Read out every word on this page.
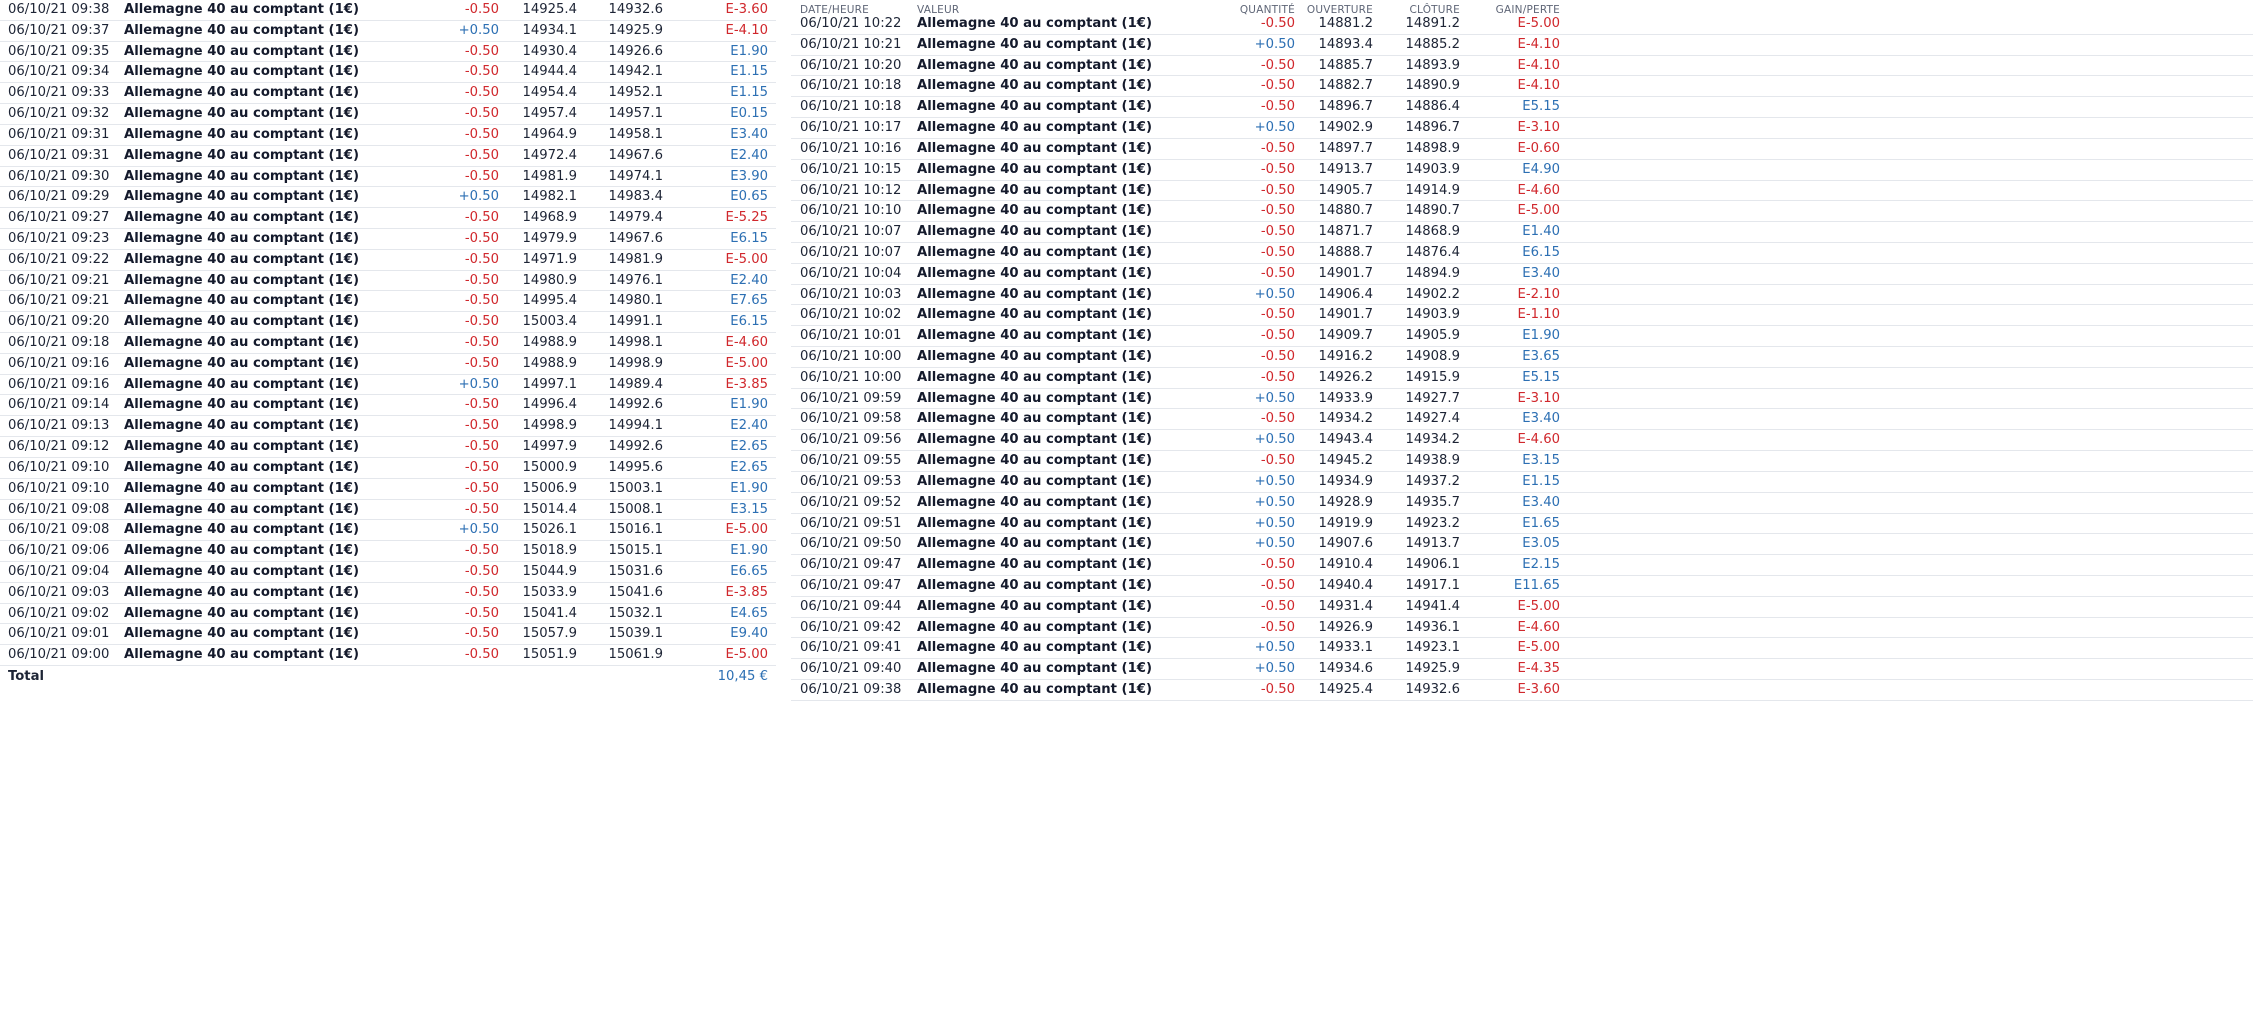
06/10/21 09:38 Allemagne 40 au comptant (1€)	-0.50 14925.4 14932.6	E-3.60
06/10/21 09:37 Allemagne 40 au comptant (1€)	+0.50 14934.1 14925.9	E-4.10
06/10/21 09:35 Allemagne 40 au comptant (1€)	-0.50 14930.4 14926.6	E1.90
06/10/21 09:34 Allemagne 40 au comptant (1€)	-0.50 14944.4 14942.1	E1.15
06/10/21 09:33 Allemagne 40 au comptant (1€)	-0.50 14954.4 14952.1	E1.15
06/10/21 09:32 Allemagne 40 au comptant (1€)	-0.50 14957.4 14957.1	E0.15
06/10/21 09:31 Allemagne 40 au comptant (1€)	-0.50 14964.9 14958.1	E3.40
06/10/21 09:31 Allemagne 40 au comptant (1€)	-0.50 14972.4 14967.6	E2.40
06/10/21 09:30 Allemagne 40 au comptant (1€)	-0.50 14981.9 14974.1	E3.90
06/10/21 09:29 Allemagne 40 au comptant (1€)	+0.50 14982.1 14983.4	E0.65
06/10/21 09:27 Allemagne 40 au comptant (1€)	-0.50 14968.9 14979.4	E-5.25
06/10/21 09:23 Allemagne 40 au comptant (1€)	-0.50 14979.9 14967.6	E6.15
06/10/21 09:22 Allemagne 40 au comptant (1€)	-0.50 14971.9 14981.9	E-5.00
06/10/21 09:21 Allemagne 40 au comptant (1€)	-0.50 14980.9 14976.1	E2.40
06/10/21 09:21 Allemagne 40 au comptant (1€)	-0.50 14995.4 14980.1	E7.65
06/10/21 09:20 Allemagne 40 au comptant (1€)	-0.50 15003.4 14991.1	E6.15
06/10/21 09:18 Allemagne 40 au comptant (1€)	-0.50 14988.9 14998.1	E-4.60
06/10/21 09:16 Allemagne 40 au comptant (1€)	-0.50 14988.9 14998.9	E-5.00
06/10/21 09:16 Allemagne 40 au comptant (1€)	+0.50 14997.1 14989.4	E-3.85
06/10/21 09:14 Allemagne 40 au comptant (1€)	-0.50 14996.4 14992.6	E1.90
06/10/21 09:13 Allemagne 40 au comptant (1€)	-0.50 14998.9 14994.1	E2.40
06/10/21 09:12 Allemagne 40 au comptant (1€)	-0.50 14997.9 14992.6	E2.65
06/10/21 09:10 Allemagne 40 au comptant (1€)	-0.50 15000.9 14995.6	E2.65
06/10/21 09:10 Allemagne 40 au comptant (1€)	-0.50 15006.9 15003.1	E1.90
06/10/21 09:08 Allemagne 40 au comptant (1€)	-0.50 15014.4 15008.1	E3.15
06/10/21 09:08 Allemagne 40 au comptant (1€)	+0.50 15026.1 15016.1	E-5.00
06/10/21 09:06 Allemagne 40 au comptant (1€)	-0.50 15018.9 15015.1	E1.90
06/10/21 09:04 Allemagne 40 au comptant (1€)	-0.50 15044.9 15031.6	E6.65
06/10/21 09:03 Allemagne 40 au comptant (1€)	-0.50 15033.9 15041.6	E-3.85
06/10/21 09:02 Allemagne 40 au comptant (1€)	-0.50 15041.4 15032.1	E4.65
06/10/21 09:01 Allemagne 40 au comptant (1€)	-0.50 15057.9 15039.1	E9.40
06/10/21 09:00 Allemagne 40 au comptant (1€)	-0.50 15051.9 15061.9	E-5.00
Total	10,45 €
DATE/HEURE	VALEUR	QUANTITÉ OUVERTURE	CLÔTURE	GAIN/PERTE
06/10/21 10:22 Allemagne 40 au comptant (1€)	-0.50 14881.2 14891.2	E-5.00
06/10/21 10:21 Allemagne 40 au comptant (1€)	+0.50 14893.4 14885.2	E-4.10
06/10/21 10:20 Allemagne 40 au comptant (1€)	-0.50 14885.7 14893.9	E-4.10
06/10/21 10:18 Allemagne 40 au comptant (1€)	-0.50 14882.7 14890.9	E-4.10
06/10/21 10:18 Allemagne 40 au comptant (1€)	-0.50 14896.7 14886.4	E5.15
06/10/21 10:17 Allemagne 40 au comptant (1€)	+0.50 14902.9 14896.7	E-3.10
06/10/21 10:16 Allemagne 40 au comptant (1€)	-0.50 14897.7 14898.9	E-0.60
06/10/21 10:15 Allemagne 40 au comptant (1€)	-0.50 14913.7 14903.9	E4.90
06/10/21 10:12 Allemagne 40 au comptant (1€)	-0.50 14905.7 14914.9	E-4.60
06/10/21 10:10 Allemagne 40 au comptant (1€)	-0.50 14880.7 14890.7	E-5.00
06/10/21 10:07 Allemagne 40 au comptant (1€)	-0.50 14871.7 14868.9	E1.40
06/10/21 10:07 Allemagne 40 au comptant (1€)	-0.50 14888.7 14876.4	E6.15
06/10/21 10:04 Allemagne 40 au comptant (1€)	-0.50 14901.7 14894.9	E3.40
06/10/21 10:03 Allemagne 40 au comptant (1€)	+0.50 14906.4 14902.2	E-2.10
06/10/21 10:02 Allemagne 40 au comptant (1€)	-0.50 14901.7 14903.9	E-1.10
06/10/21 10:01 Allemagne 40 au comptant (1€)	-0.50 14909.7 14905.9	E1.90
06/10/21 10:00 Allemagne 40 au comptant (1€)	-0.50 14916.2 14908.9	E3.65
06/10/21 10:00 Allemagne 40 au comptant (1€)	-0.50 14926.2 14915.9	E5.15
06/10/21 09:59 Allemagne 40 au comptant (1€)	+0.50 14933.9 14927.7	E-3.10
06/10/21 09:58 Allemagne 40 au comptant (1€)	-0.50 14934.2 14927.4	E3.40
06/10/21 09:56 Allemagne 40 au comptant (1€)	+0.50 14943.4 14934.2	E-4.60
06/10/21 09:55 Allemagne 40 au comptant (1€)	-0.50 14945.2 14938.9	E3.15
06/10/21 09:53 Allemagne 40 au comptant (1€)	+0.50 14934.9 14937.2	E1.15
06/10/21 09:52 Allemagne 40 au comptant (1€)	+0.50 14928.9 14935.7	E3.40
06/10/21 09:51 Allemagne 40 au comptant (1€)	+0.50 14919.9 14923.2	E1.65
06/10/21 09:50 Allemagne 40 au comptant (1€)	+0.50 14907.6 14913.7	E3.05
06/10/21 09:47 Allemagne 40 au comptant (1€)	-0.50 14910.4 14906.1	E2.15
06/10/21 09:47 Allemagne 40 au comptant (1€)	-0.50 14940.4 14917.1	E11.65
06/10/21 09:44 Allemagne 40 au comptant (1€)	-0.50 14931.4 14941.4	E-5.00
06/10/21 09:42 Allemagne 40 au comptant (1€)	-0.50 14926.9 14936.1	E-4.60
06/10/21 09:41 Allemagne 40 au comptant (1€)	+0.50 14933.1 14923.1	E-5.00
06/10/21 09:40 Allemagne 40 au comptant (1€)	+0.50 14934.6 14925.9	E-4.35
06/10/21 09:38 Allemagne 40 au comptant (1€)	-0.50 14925.4 14932.6	E-3.60
